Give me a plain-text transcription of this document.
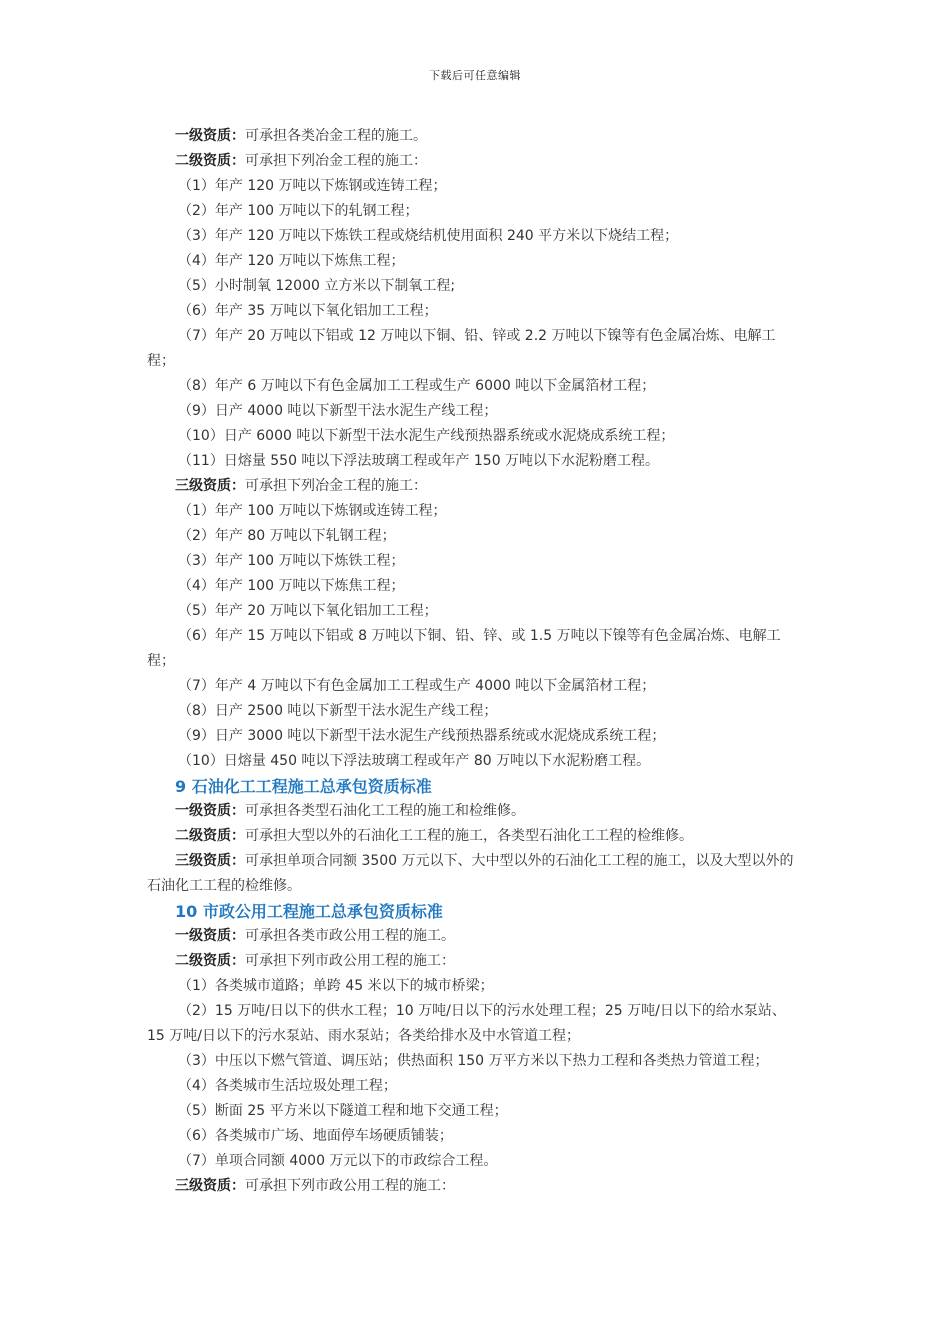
下载后可任意编辑

一级资质：可承担各类冶金工程的施工。

二级资质：可承担下列冶金工程的施工：

（1）年产 120 万吨以下炼钢或连铸工程；

（2）年产 100 万吨以下的轧钢工程；

（3）年产 120 万吨以下炼铁工程或烧结机使用面积 240 平方米以下烧结工程；

（4）年产 120 万吨以下炼焦工程；

（5）小时制氧 12000 立方米以下制氧工程;

（6）年产 35 万吨以下氧化铝加工工程；

（7）年产 20 万吨以下铝或 12 万吨以下铜、铅、锌或 2.2 万吨以下镍等有色金属冶炼、电解工程；

（8）年产 6 万吨以下有色金属加工工程或生产 6000 吨以下金属箔材工程；

（9）日产 4000 吨以下新型干法水泥生产线工程；

（10）日产 6000 吨以下新型干法水泥生产线预热器系统或水泥烧成系统工程；

（11）日熔量 550 吨以下浮法玻璃工程或年产 150 万吨以下水泥粉磨工程。

三级资质：可承担下列冶金工程的施工：

（1）年产 100 万吨以下炼钢或连铸工程；

（2）年产 80 万吨以下轧钢工程；

（3）年产 100 万吨以下炼铁工程；

（4）年产 100 万吨以下炼焦工程；

（5）年产 20 万吨以下氧化铝加工工程；

（6）年产 15 万吨以下铝或 8 万吨以下铜、铅、锌、或 1.5 万吨以下镍等有色金属冶炼、电解工程；

（7）年产 4 万吨以下有色金属加工工程或生产 4000 吨以下金属箔材工程；

（8）日产 2500 吨以下新型干法水泥生产线工程；

（9）日产 3000 吨以下新型干法水泥生产线预热器系统或水泥烧成系统工程；

（10）日熔量 450 吨以下浮法玻璃工程或年产 80 万吨以下水泥粉磨工程。

9 石油化工工程施工总承包资质标准

一级资质：可承担各类型石油化工工程的施工和检维修。

二级资质：可承担大型以外的石油化工工程的施工，各类型石油化工工程的检维修。

三级资质：可承担单项合同额 3500 万元以下、大中型以外的石油化工工程的施工，以及大型以外的石油化工工程的检维修。

10 市政公用工程施工总承包资质标准

一级资质：可承担各类市政公用工程的施工。

二级资质：可承担下列市政公用工程的施工：

（1）各类城市道路；单跨 45 米以下的城市桥梁；

（2）15 万吨/日以下的供水工程；10 万吨/日以下的污水处理工程；25 万吨/日以下的给水泵站、15 万吨/日以下的污水泵站、雨水泵站；各类给排水及中水管道工程；

（3）中压以下燃气管道、调压站；供热面积 150 万平方米以下热力工程和各类热力管道工程；

（4）各类城市生活垃圾处理工程；

（5）断面 25 平方米以下隧道工程和地下交通工程；

（6）各类城市广场、地面停车场硬质铺装；

（7）单项合同额 4000 万元以下的市政综合工程。

三级资质：可承担下列市政公用工程的施工：
